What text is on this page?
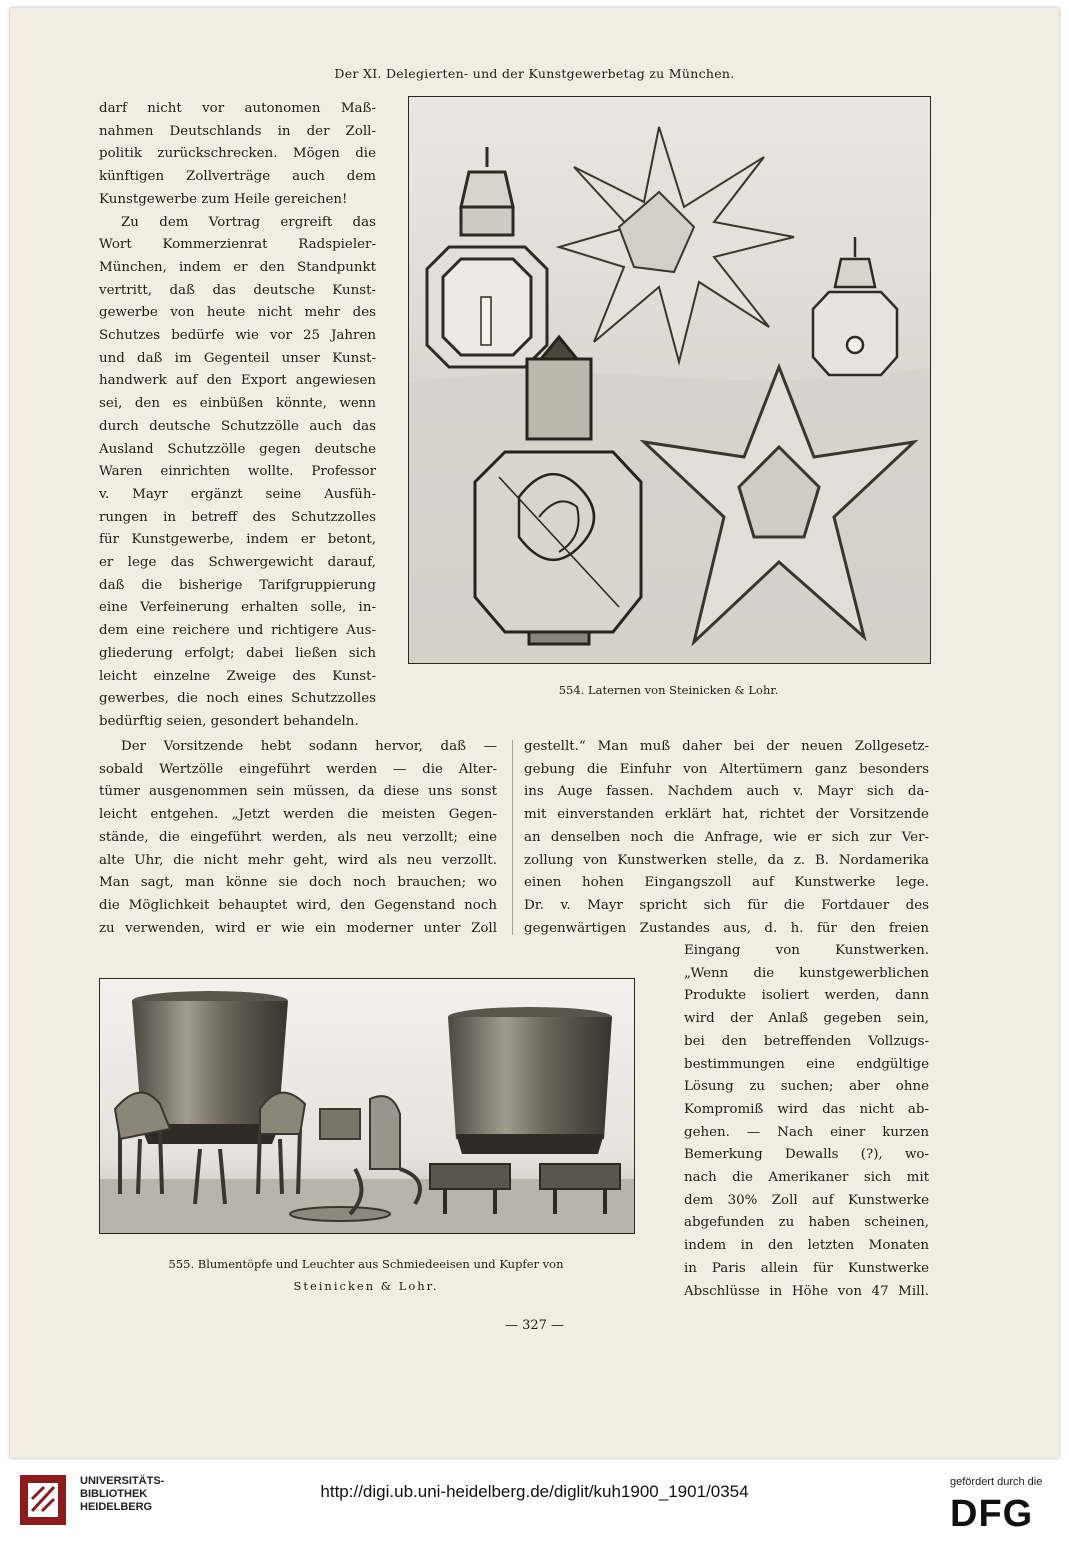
Der XI. Delegierten- und der Kunstgewerbetag zu München.
darf nicht vor autonomen Maß-
nahmen Deutschlands in der Zoll-
politik zurückschrecken. Mögen die
künftigen Zollverträge auch dem
Kunstgewerbe zum Heile gereichen!
Zu dem Vortrag ergreift das
Wort Kommerzienrat Radspieler-
München, indem er den Standpunkt
vertritt, daß das deutsche Kunst-
gewerbe von heute nicht mehr des
Schutzes bedürfe wie vor 25 Jahren
und daß im Gegenteil unser Kunst-
handwerk auf den Export angewiesen
sei, den es einbüßen könnte, wenn
durch deutsche Schutzzölle auch das
Ausland Schutzzölle gegen deutsche
Waren einrichten wollte. Professor
v. Mayr ergänzt seine Ausfüh-
rungen in betreff des Schutzzolles
für Kunstgewerbe, indem er betont,
er lege das Schwergewicht darauf,
daß die bisherige Tarifgruppierung
eine Verfeinerung erhalten solle, in-
dem eine reichere und richtigere Aus-
gliederung erfolgt; dabei ließen sich
leicht einzelne Zweige des Kunst-
gewerbes, die noch eines Schutzzolles
bedürftig seien, gesondert behandeln.
554. Laternen von Steinicken & Lohr.
Der Vorsitzende hebt sodann hervor, daß —
sobald Wertzölle eingeführt werden — die Alter-
tümer ausgenommen sein müssen, da diese uns sonst
leicht entgehen. „Jetzt werden die meisten Gegen-
stände, die eingeführt werden, als neu verzollt; eine
alte Uhr, die nicht mehr geht, wird als neu verzollt.
Man sagt, man könne sie doch noch brauchen; wo
die Möglichkeit behauptet wird, den Gegenstand noch
zu verwenden, wird er wie ein moderner unter Zoll
gestellt.“ Man muß daher bei der neuen Zollgesetz-
gebung die Einfuhr von Altertümern ganz besonders
ins Auge fassen. Nachdem auch v. Mayr sich da-
mit einverstanden erklärt hat, richtet der Vorsitzende
an denselben noch die Anfrage, wie er sich zur Ver-
zollung von Kunstwerken stelle, da z. B. Nordamerika
einen hohen Eingangszoll auf Kunstwerke lege.
Dr. v. Mayr spricht sich für die Fortdauer des
gegenwärtigen Zustandes aus, d. h. für den freien
555. Blumentöpfe und Leuchter aus Schmiedeeisen und Kupfer von
Steinicken & Lohr.
Eingang von Kunstwerken.
„Wenn die kunstgewerblichen
Produkte isoliert werden, dann
wird der Anlaß gegeben sein,
bei den betreffenden Vollzugs-
bestimmungen eine endgültige
Lösung zu suchen; aber ohne
Kompromiß wird das nicht ab-
gehen. — Nach einer kurzen
Bemerkung Dewalls (?), wo-
nach die Amerikaner sich mit
dem 30% Zoll auf Kunstwerke
abgefunden zu haben scheinen,
indem in den letzten Monaten
in Paris allein für Kunstwerke
Abschlüsse in Höhe von 47 Mill.
— 327 —
UNIVERSITÄTS-
BIBLIOTHEK
HEIDELBERG
http://digi.ub.uni-heidelberg.de/diglit/kuh1900_1901/0354	gefördert durch die
DFG
